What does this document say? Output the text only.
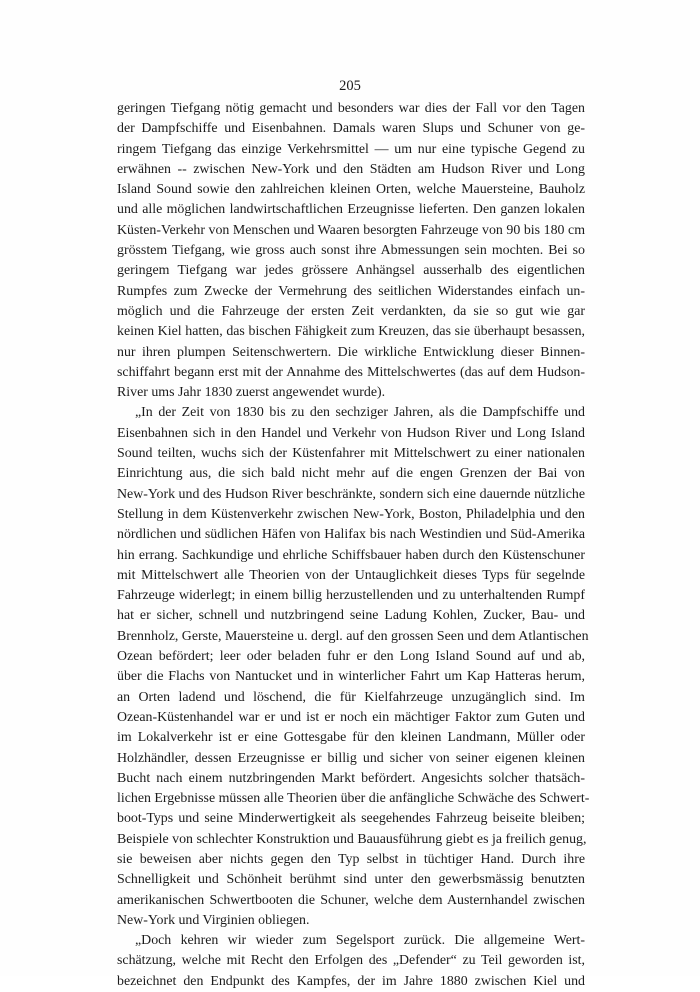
205
geringen Tiefgang nötig gemacht und besonders war dies der Fall vor den Tagen
der Dampfschiffe und Eisenbahnen. Damals waren Slups und Schuner von ge-
ringem Tiefgang das einzige Verkehrsmittel — um nur eine typische Gegend zu
erwähnen -- zwischen New-York und den Städten am Hudson River und Long
Island Sound sowie den zahlreichen kleinen Orten, welche Mauersteine, Bauholz
und alle möglichen landwirtschaftlichen Erzeugnisse lieferten. Den ganzen lokalen
Küsten-Verkehr von Menschen und Waaren besorgten Fahrzeuge von 90 bis 180 cm
grösstem Tiefgang, wie gross auch sonst ihre Abmessungen sein mochten. Bei so
geringem Tiefgang war jedes grössere Anhängsel ausserhalb des eigentlichen
Rumpfes zum Zwecke der Vermehrung des seitlichen Widerstandes einfach un-
möglich und die Fahrzeuge der ersten Zeit verdankten, da sie so gut wie gar
keinen Kiel hatten, das bischen Fähigkeit zum Kreuzen, das sie überhaupt besassen,
nur ihren plumpen Seitenschwertern. Die wirkliche Entwicklung dieser Binnen-
schiffahrt begann erst mit der Annahme des Mittelschwertes (das auf dem Hudson-
River ums Jahr 1830 zuerst angewendet wurde).
„In der Zeit von 1830 bis zu den sechziger Jahren, als die Dampfschiffe und
Eisenbahnen sich in den Handel und Verkehr von Hudson River und Long Island
Sound teilten, wuchs sich der Küstenfahrer mit Mittelschwert zu einer nationalen
Einrichtung aus, die sich bald nicht mehr auf die engen Grenzen der Bai von
New-York und des Hudson River beschränkte, sondern sich eine dauernde nützliche
Stellung in dem Küstenverkehr zwischen New-York, Boston, Philadelphia und den
nördlichen und südlichen Häfen von Halifax bis nach Westindien und Süd-Amerika
hin errang. Sachkundige und ehrliche Schiffsbauer haben durch den Küstenschuner
mit Mittelschwert alle Theorien von der Untauglichkeit dieses Typs für segelnde
Fahrzeuge widerlegt; in einem billig herzustellenden und zu unterhaltenden Rumpf
hat er sicher, schnell und nutzbringend seine Ladung Kohlen, Zucker, Bau- und
Brennholz, Gerste, Mauersteine u. dergl. auf den grossen Seen und dem Atlantischen
Ozean befördert; leer oder beladen fuhr er den Long Island Sound auf und ab,
über die Flachs von Nantucket und in winterlicher Fahrt um Kap Hatteras herum,
an Orten ladend und löschend, die für Kielfahrzeuge unzugänglich sind. Im
Ozean-Küstenhandel war er und ist er noch ein mächtiger Faktor zum Guten und
im Lokalverkehr ist er eine Gottesgabe für den kleinen Landmann, Müller oder
Holzhändler, dessen Erzeugnisse er billig und sicher von seiner eigenen kleinen
Bucht nach einem nutzbringenden Markt befördert. Angesichts solcher thatsäch-
lichen Ergebnisse müssen alle Theorien über die anfängliche Schwäche des Schwert-
boot-Typs und seine Minderwertigkeit als seegehendes Fahrzeug beiseite bleiben;
Beispiele von schlechter Konstruktion und Bauausführung giebt es ja freilich genug,
sie beweisen aber nichts gegen den Typ selbst in tüchtiger Hand. Durch ihre
Schnelligkeit und Schönheit berühmt sind unter den gewerbsmässig benutzten
amerikanischen Schwertbooten die Schuner, welche dem Austernhandel zwischen
New-York und Virginien obliegen.
„Doch kehren wir wieder zum Segelsport zurück. Die allgemeine Wert-
schätzung, welche mit Recht den Erfolgen des „Defender“ zu Teil geworden ist,
bezeichnet den Endpunkt des Kampfes, der im Jahre 1880 zwischen Kiel und
